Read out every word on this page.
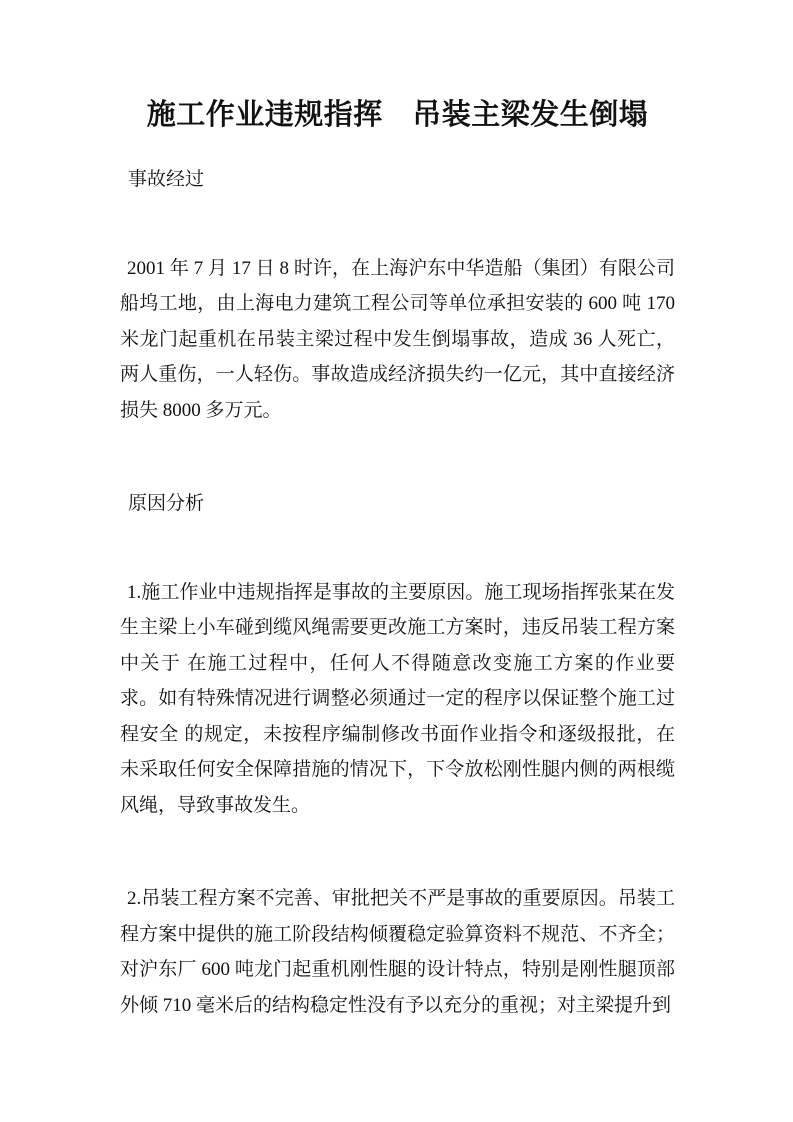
施工作业违规指挥　吊装主梁发生倒塌
事故经过

2001 年 7 月 17 日 8 时许，在上海沪东中华造船（集团）有限公司船坞工地，由上海电力建筑工程公司等单位承担安装的 600 吨 170 米龙门起重机在吊装主梁过程中发生倒塌事故，造成 36 人死亡，两人重伤，一人轻伤。事故造成经济损失约一亿元，其中直接经济损失 8000 多万元。

原因分析

1.施工作业中违规指挥是事故的主要原因。施工现场指挥张某在发生主梁上小车碰到缆风绳需要更改施工方案时，违反吊装工程方案中关于 在施工过程中，任何人不得随意改变施工方案的作业要求。如有特殊情况进行调整必须通过一定的程序以保证整个施工过程安全 的规定，未按程序编制修改书面作业指令和逐级报批，在未采取任何安全保障措施的情况下，下令放松刚性腿内侧的两根缆风绳，导致事故发生。

2.吊装工程方案不完善、审批把关不严是事故的重要原因。吊装工程方案中提供的施工阶段结构倾覆稳定验算资料不规范、不齐全；对沪东厂 600 吨龙门起重机刚性腿的设计特点，特别是刚性腿顶部外倾 710 毫米后的结构稳定性没有予以充分的重视；对主梁提升到
